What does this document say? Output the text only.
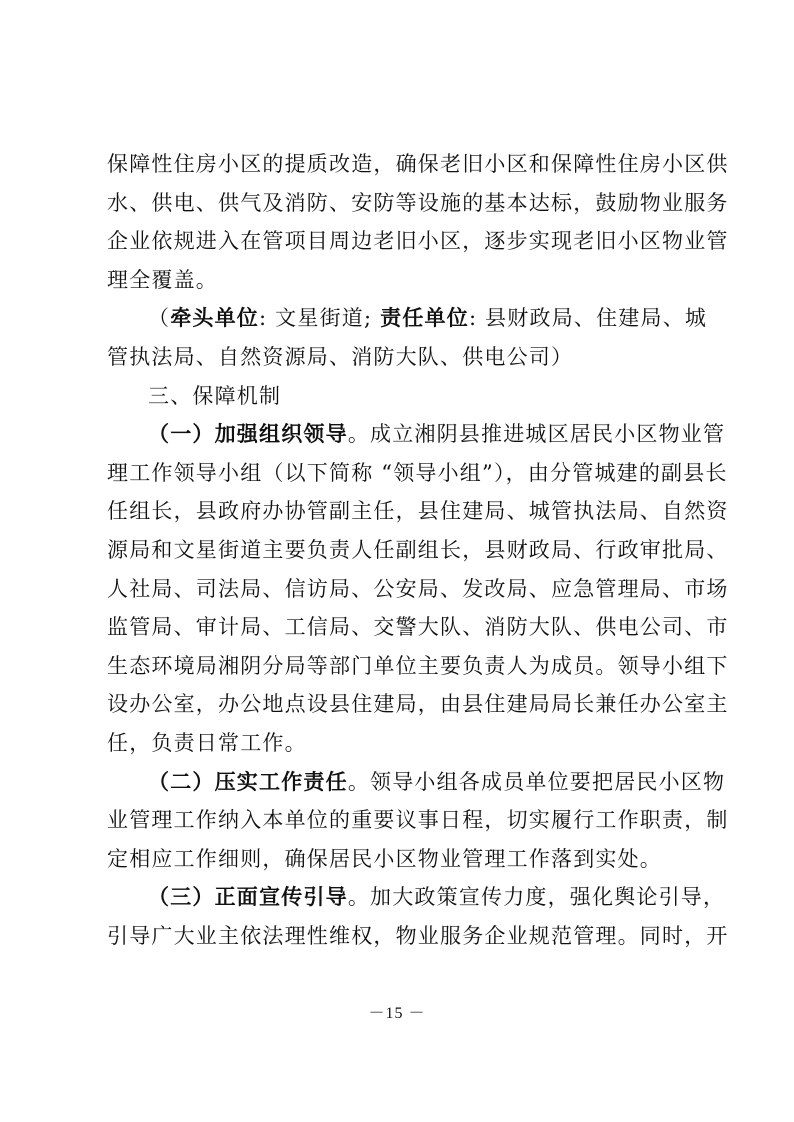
保障性住房小区的提质改造，确保老旧小区和保障性住房小区供
水、供电、供气及消防、安防等设施的基本达标，鼓励物业服务
企业依规进入在管项目周边老旧小区，逐步实现老旧小区物业管
理全覆盖。
（牵头单位: 文星街道; 责任单位: 县财政局、住建局、城
管执法局、自然资源局、消防大队、供电公司）
三、保障机制
（一）加强组织领导。成立湘阴县推进城区居民小区物业管
理工作领导小组（以下简称 “领导小组”），由分管城建的副县长
任组长，县政府办协管副主任，县住建局、城管执法局、自然资
源局和文星街道主要负责人任副组长，县财政局、行政审批局、
人社局、司法局、信访局、公安局、发改局、应急管理局、市场
监管局、审计局、工信局、交警大队、消防大队、供电公司、市
生态环境局湘阴分局等部门单位主要负责人为成员。领导小组下
设办公室，办公地点设县住建局，由县住建局局长兼任办公室主
任，负责日常工作。
（二）压实工作责任。领导小组各成员单位要把居民小区物
业管理工作纳入本单位的重要议事日程，切实履行工作职责，制
定相应工作细则，确保居民小区物业管理工作落到实处。
－15 －
（三）正面宣传引导。加大政策宣传力度，强化舆论引导，
引导广大业主依法理性维权，物业服务企业规范管理。同时，开
